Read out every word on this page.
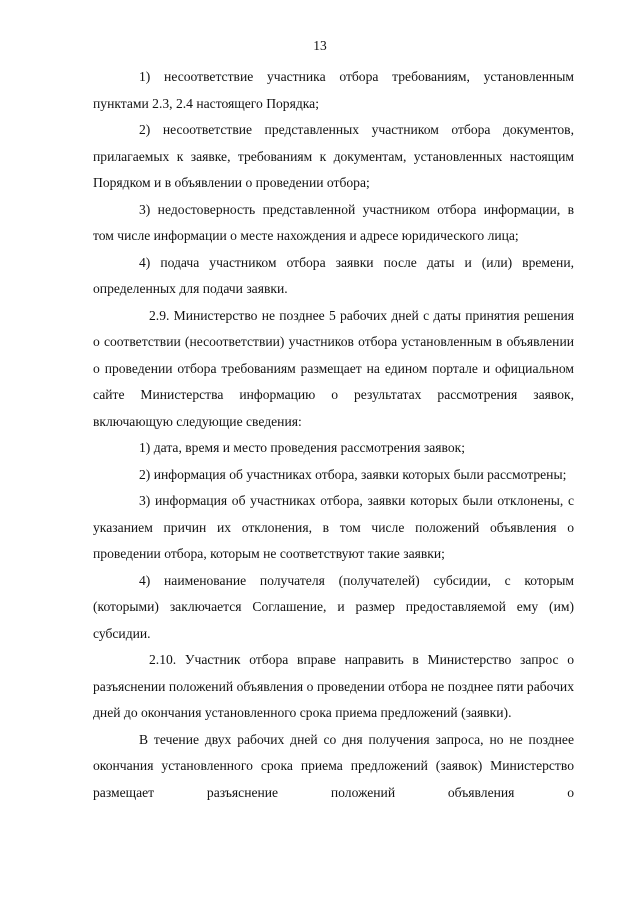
13

1) несоответствие участника отбора требованиям, установленным пунктами 2.3, 2.4 настоящего Порядка;

2) несоответствие представленных участником отбора документов, прилагаемых к заявке, требованиям к документам, установленных настоящим Порядком и в объявлении о проведении отбора;

3) недостоверность представленной участником отбора информации, в том числе информации о месте нахождения и адресе юридического лица;

4) подача участником отбора заявки после даты и (или) времени, определенных для подачи заявки.

2.9. Министерство не позднее 5 рабочих дней с даты принятия решения о соответствии (несоответствии) участников отбора установленным в объявлении о проведении отбора требованиям размещает на едином портале и официальном сайте Министерства информацию о результатах рассмотрения заявок, включающую следующие сведения:

1) дата, время и место проведения рассмотрения заявок;

2) информация об участниках отбора, заявки которых были рассмотрены;

3) информация об участниках отбора, заявки которых были отклонены, с указанием причин их отклонения, в том числе положений объявления о проведении отбора, которым не соответствуют такие заявки;

4) наименование получателя (получателей) субсидии, с которым (которыми) заключается Соглашение, и размер предоставляемой ему (им) субсидии.

2.10. Участник отбора вправе направить в Министерство запрос о разъяснении положений объявления о проведении отбора не позднее пяти рабочих дней до окончания установленного срока приема предложений (заявки).

В течение двух рабочих дней со дня получения запроса, но не позднее окончания установленного срока приема предложений (заявок) Министерство размещает разъяснение положений объявления о
